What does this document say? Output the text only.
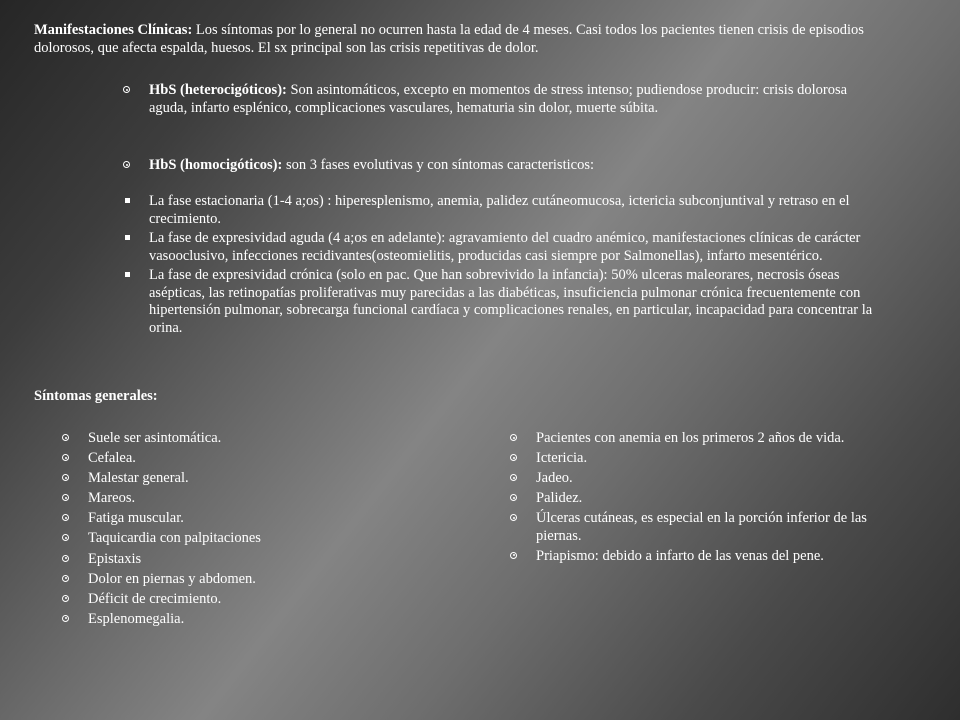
Manifestaciones Clínicas: Los síntomas por lo general no ocurren hasta la edad de 4 meses. Casi todos los pacientes tienen crisis de episodios dolorosos, que afecta espalda, huesos. El sx principal son las crisis repetitivas de dolor.

HbS (heterocigóticos): Son asintomáticos, excepto en momentos de stress intenso; pudiendose producir: crisis dolorosa aguda, infarto esplénico, complicaciones vasculares, hematuria sin dolor, muerte súbita.
HbS (homocigóticos): son 3 fases evolutivas y con síntomas caracteristicos:
La fase estacionaria (1-4 a;os) : hiperesplenismo, anemia, palidez cutáneomucosa, ictericia subconjuntival y retraso en el crecimiento.
La fase de expresividad aguda (4 a;os en adelante): agravamiento del cuadro anémico, manifestaciones clínicas de carácter vasooclusivo, infecciones recidivantes(osteomielitis, producidas casi siempre por Salmonellas), infarto mesentérico.
La fase de expresividad crónica (solo en pac. Que han sobrevivido la infancia): 50% ulceras maleorares, necrosis óseas asépticas, las retinopatías proliferativas muy parecidas a las diabéticas, insuficiencia pulmonar crónica frecuentemente con hipertensión pulmonar, sobrecarga funcional cardíaca y complicaciones renales, en particular, incapacidad para concentrar la orina.

Síntomas generales:

Suele ser asintomática.
Cefalea.
Malestar general.
Mareos.
Fatiga muscular.
Taquicardia con palpitaciones
Epistaxis
Dolor en piernas y abdomen.
Déficit de crecimiento.
Esplenomegalia.
Pacientes con anemia en los primeros 2 años de vida.
Ictericia.
Jadeo.
Palidez.
Úlceras cutáneas, es especial en la porción inferior de las piernas.
Priapismo: debido a infarto de las venas del pene.
